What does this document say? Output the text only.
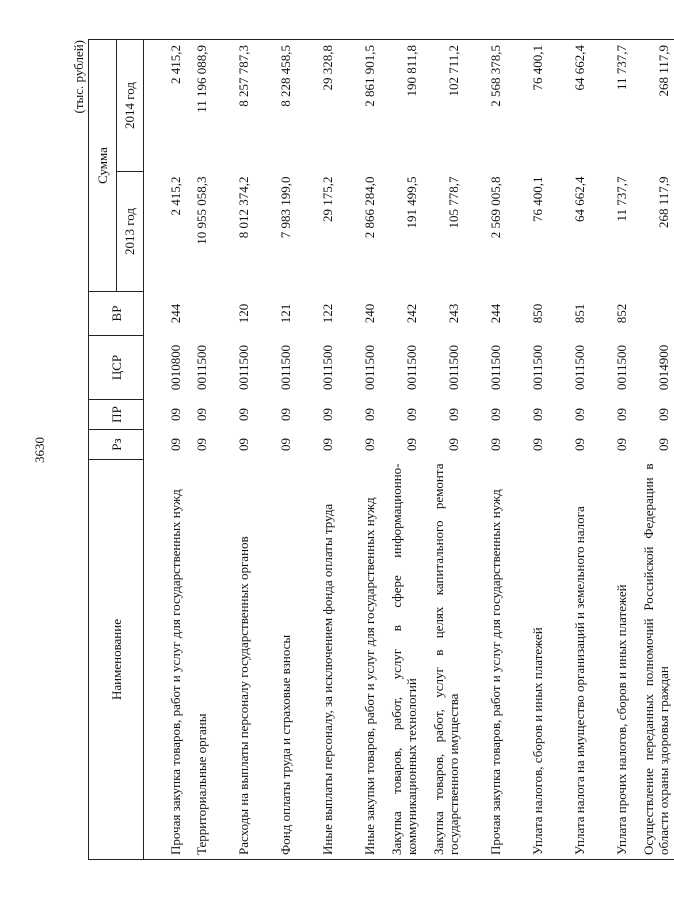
3630
(тыс. рублей)
Наименование	Рз	ПР	ЦСР	ВР	Сумма	
					2013 год	2014 год
Прочая закупка товаров, работ и услуг для государственных нужд	09	09	0010800	244	2 415,2	2 415,2
Территориальные органы	09	09	0011500		10 955 058,3	11 196 088,9
Расходы на выплаты персоналу государственных органов	09	09	0011500	120	8 012 374,2	8 257 787,3
Фонд оплаты труда и страховые взносы	09	09	0011500	121	7 983 199,0	8 228 458,5
Иные выплаты персоналу, за исключением фонда оплаты труда	09	09	0011500	122	29 175,2	29 328,8
Иные закупки товаров, работ и услуг для государственных нужд	09	09	0011500	240	2 866 284,0	2 861 901,5
Закупка товаров, работ, услуг в сфере информационно-коммуникационных технологий	09	09	0011500	242	191 499,5	190 811,8
Закупка товаров, работ, услуг в целях капитального ремонта государственного имущества	09	09	0011500	243	105 778,7	102 711,2
Прочая закупка товаров, работ и услуг для государственных нужд	09	09	0011500	244	2 569 005,8	2 568 378,5
Уплата налогов, сборов и иных платежей	09	09	0011500	850	76 400,1	76 400,1
Уплата налога на имущество организаций и земельного налога	09	09	0011500	851	64 662,4	64 662,4
Уплата прочих налогов, сборов и иных платежей	09	09	0011500	852	11 737,7	11 737,7
Осуществление переданных полномочий Российской Федерации в области охраны здоровья граждан	09	09	0014900		268 117,9	268 117,9
